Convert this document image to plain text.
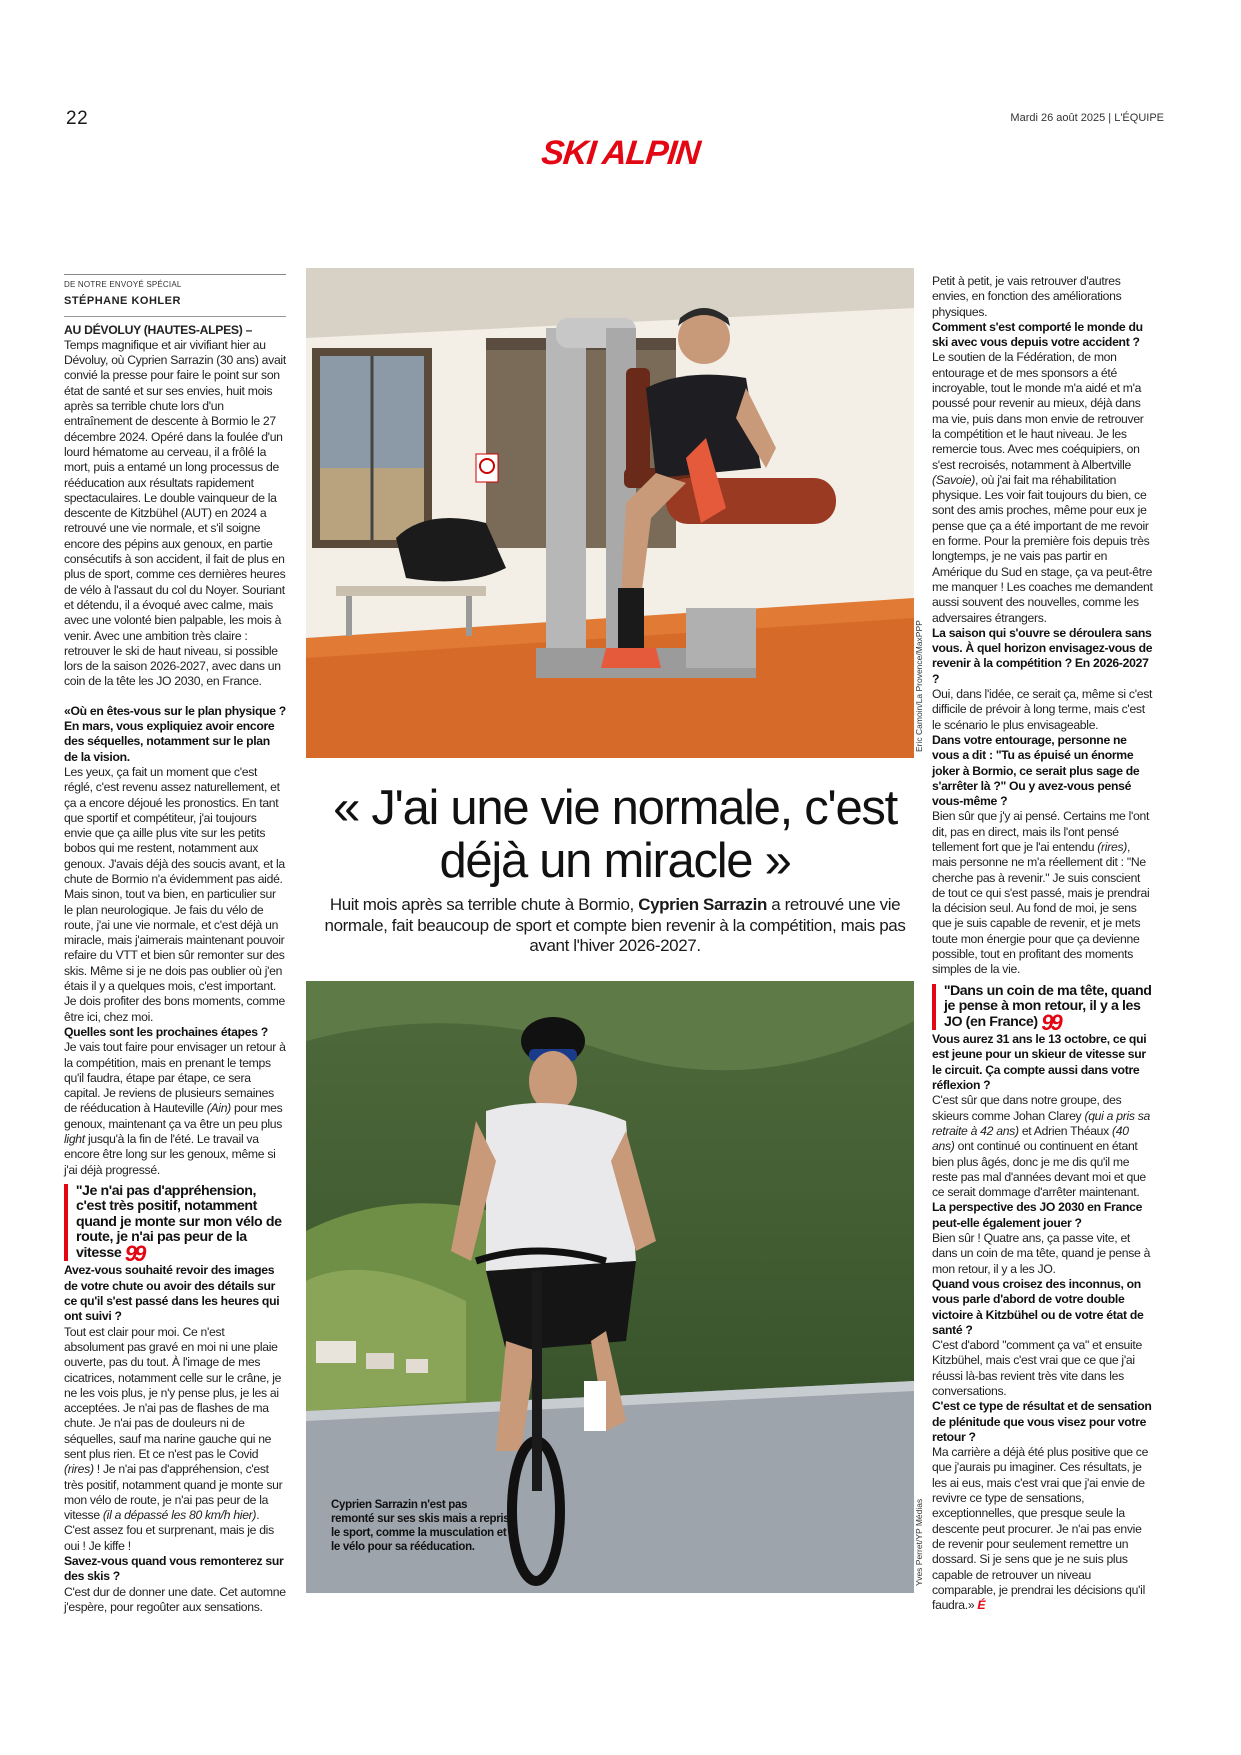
22	Mardi 26 août 2025 | L'ÉQUIPE
SKI ALPIN
DE NOTRE ENVOYÉ SPÉCIAL
STÉPHANE KOHLER

AU DÉVOLUY (HAUTES-ALPES) – Temps magnifique et air vivifiant hier au Dévoluy, où Cyprien Sarrazin (30 ans) avait convié la presse pour faire le point sur son état de santé et sur ses envies, huit mois après sa terrible chute lors d'un entraînement de descente à Bormio le 27 décembre 2024. Opéré dans la foulée d'un lourd hématome au cerveau, il a frôlé la mort, puis a entamé un long processus de rééducation aux résultats rapidement spectaculaires. Le double vainqueur de la descente de Kitzbühel (AUT) en 2024 a retrouvé une vie normale, et s'il soigne encore des pépins aux genoux, en partie consécutifs à son accident, il fait de plus en plus de sport, comme ces dernières heures de vélo à l'assaut du col du Noyer. Souriant et détendu, il a évoqué avec calme, mais avec une volonté bien palpable, les mois à venir. Avec une ambition très claire : retrouver le ski de haut niveau, si possible lors de la saison 2026-2027, avec dans un coin de la tête les JO 2030, en France.

«Où en êtes-vous sur le plan physique ? En mars, vous expliquiez avoir encore des séquelles, notamment sur le plan de la vision.

Les yeux, ça fait un moment que c'est réglé, c'est revenu assez naturellement, et ça a encore déjoué les pronostics. En tant que sportif et compétiteur, j'ai toujours envie que ça aille plus vite sur les petits bobos qui me restent, notamment aux genoux. J'avais déjà des soucis avant, et la chute de Bormio n'a évidemment pas aidé. Mais sinon, tout va bien, en particulier sur le plan neurologique. Je fais du vélo de route, j'ai une vie normale, et c'est déjà un miracle, mais j'aimerais maintenant pouvoir refaire du VTT et bien sûr remonter sur des skis. Même si je ne dois pas oublier où j'en étais il y a quelques mois, c'est important. Je dois profiter des bons moments, comme être ici, chez moi.

Quelles sont les prochaines étapes ?

Je vais tout faire pour envisager un retour à la compétition, mais en prenant le temps qu'il faudra, étape par étape, ce sera capital. Je reviens de plusieurs semaines de rééducation à Hauteville (Ain) pour mes genoux, maintenant ça va être un peu plus light jusqu'à la fin de l'été. Le travail va encore être long sur les genoux, même si j'ai déjà progressé.

''Je n'ai pas d'appréhension, c'est très positif, notamment quand je monte sur mon vélo de route, je n'ai pas peur de la vitesse 99

Avez-vous souhaité revoir des images de votre chute ou avoir des détails sur ce qu'il s'est passé dans les heures qui ont suivi ?

Tout est clair pour moi. Ce n'est absolument pas gravé en moi ni une plaie ouverte, pas du tout. À l'image de mes cicatrices, notamment celle sur le crâne, je ne les vois plus, je n'y pense plus, je les ai acceptées. Je n'ai pas de flashes de ma chute. Je n'ai pas de douleurs ni de séquelles, sauf ma narine gauche qui ne sent plus rien. Et ce n'est pas le Covid (rires) ! Je n'ai pas d'appréhension, c'est très positif, notamment quand je monte sur mon vélo de route, je n'ai pas peur de la vitesse (il a dépassé les 80 km/h hier). C'est assez fou et surprenant, mais je dis oui ! Je kiffe !

Savez-vous quand vous remonterez sur des skis ?

C'est dur de donner une date. Cet automne j'espère, pour regoûter aux sensations.

Eric Camoin/La Provence/MaxPPP
« J'ai une vie normale, c'est déjà un miracle »
Huit mois après sa terrible chute à Bormio, Cyprien Sarrazin a retrouvé une vie normale, fait beaucoup de sport et compte bien revenir à la compétition, mais pas avant l'hiver 2026-2027.
Cyprien Sarrazin n'est pas remonté sur ses skis mais a repris le sport, comme la musculation et le vélo pour sa rééducation.	Yves Perret/YP Médias

Petit à petit, je vais retrouver d'autres envies, en fonction des améliorations physiques.

Comment s'est comporté le monde du ski avec vous depuis votre accident ?

Le soutien de la Fédération, de mon entourage et de mes sponsors a été incroyable, tout le monde m'a aidé et m'a poussé pour revenir au mieux, déjà dans ma vie, puis dans mon envie de retrouver la compétition et le haut niveau. Je les remercie tous. Avec mes coéquipiers, on s'est recroisés, notamment à Albertville (Savoie), où j'ai fait ma réhabilitation physique. Les voir fait toujours du bien, ce sont des amis proches, même pour eux je pense que ça a été important de me revoir en forme. Pour la première fois depuis très longtemps, je ne vais pas partir en Amérique du Sud en stage, ça va peut-être me manquer ! Les coaches me demandent aussi souvent des nouvelles, comme les adversaires étrangers.

La saison qui s'ouvre se déroulera sans vous. À quel horizon envisagez-vous de revenir à la compétition ? En 2026-2027 ?

Oui, dans l'idée, ce serait ça, même si c'est difficile de prévoir à long terme, mais c'est le scénario le plus envisageable.

Dans votre entourage, personne ne vous a dit : "Tu as épuisé un énorme joker à Bormio, ce serait plus sage de s'arrêter là ?" Ou y avez-vous pensé vous-même ?

Bien sûr que j'y ai pensé. Certains me l'ont dit, pas en direct, mais ils l'ont pensé tellement fort que je l'ai entendu (rires), mais personne ne m'a réellement dit : "Ne cherche pas à revenir." Je suis conscient de tout ce qui s'est passé, mais je prendrai la décision seul. Au fond de moi, je sens que je suis capable de revenir, et je mets toute mon énergie pour que ça devienne possible, tout en profitant des moments simples de la vie.

''Dans un coin de ma tête, quand je pense à mon retour, il y a les JO (en France) 99

Vous aurez 31 ans le 13 octobre, ce qui est jeune pour un skieur de vitesse sur le circuit. Ça compte aussi dans votre réflexion ?

C'est sûr que dans notre groupe, des skieurs comme Johan Clarey (qui a pris sa retraite à 42 ans) et Adrien Théaux (40 ans) ont continué ou continuent en étant bien plus âgés, donc je me dis qu'il me reste pas mal d'années devant moi et que ce serait dommage d'arrêter maintenant.

La perspective des JO 2030 en France peut-elle également jouer ?

Bien sûr ! Quatre ans, ça passe vite, et dans un coin de ma tête, quand je pense à mon retour, il y a les JO.

Quand vous croisez des inconnus, on vous parle d'abord de votre double victoire à Kitzbühel ou de votre état de santé ?

C'est d'abord "comment ça va" et ensuite Kitzbühel, mais c'est vrai que ce que j'ai réussi là-bas revient très vite dans les conversations.

C'est ce type de résultat et de sensation de plénitude que vous visez pour votre retour ?

Ma carrière a déjà été plus positive que ce que j'aurais pu imaginer. Ces résultats, je les ai eus, mais c'est vrai que j'ai envie de revivre ce type de sensations, exceptionnelles, que presque seule la descente peut procurer. Je n'ai pas envie de revenir pour seulement remettre un dossard. Si je sens que je ne suis plus capable de retrouver un niveau comparable, je prendrai les décisions qu'il faudra.» É
